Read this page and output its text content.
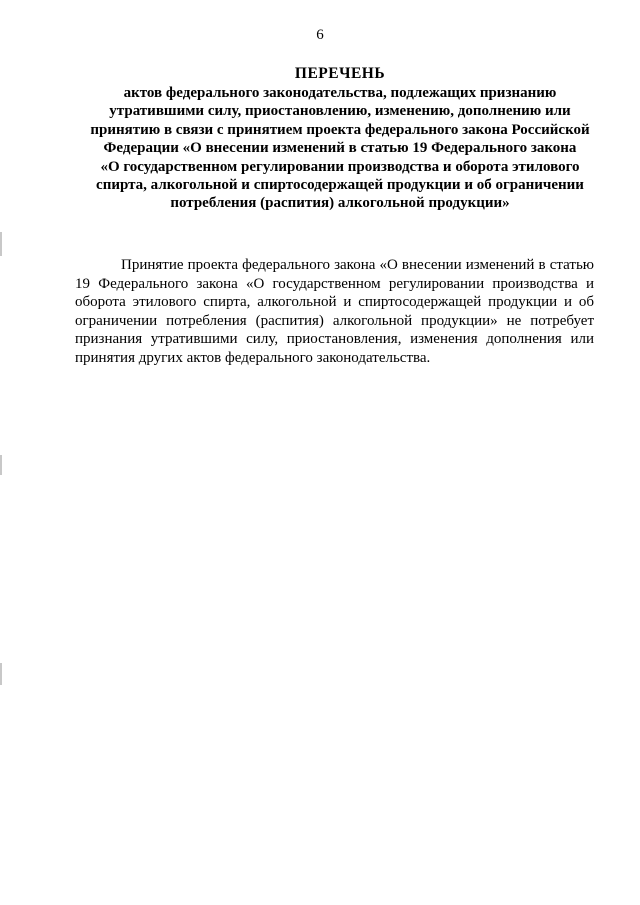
6
ПЕРЕЧЕНЬ
актов федерального законодательства, подлежащих признанию
утратившими силу, приостановлению, изменению, дополнению или
принятию в связи с принятием проекта федерального закона Российской
Федерации «О внесении изменений в статью 19 Федерального закона
«О государственном регулировании производства и оборота этилового
спирта, алкогольной и спиртосодержащей продукции и об ограничении
потребления (распития) алкогольной продукции»
Принятие проекта федерального закона «О внесении изменений в статью
19 Федерального закона «О государственном регулировании производства и
оборота этилового спирта, алкогольной и спиртосодержащей продукции и об
ограничении потребления (распития) алкогольной продукции» не потребует
признания утратившими силу, приостановления, изменения дополнения или
принятия других актов федерального законодательства.
